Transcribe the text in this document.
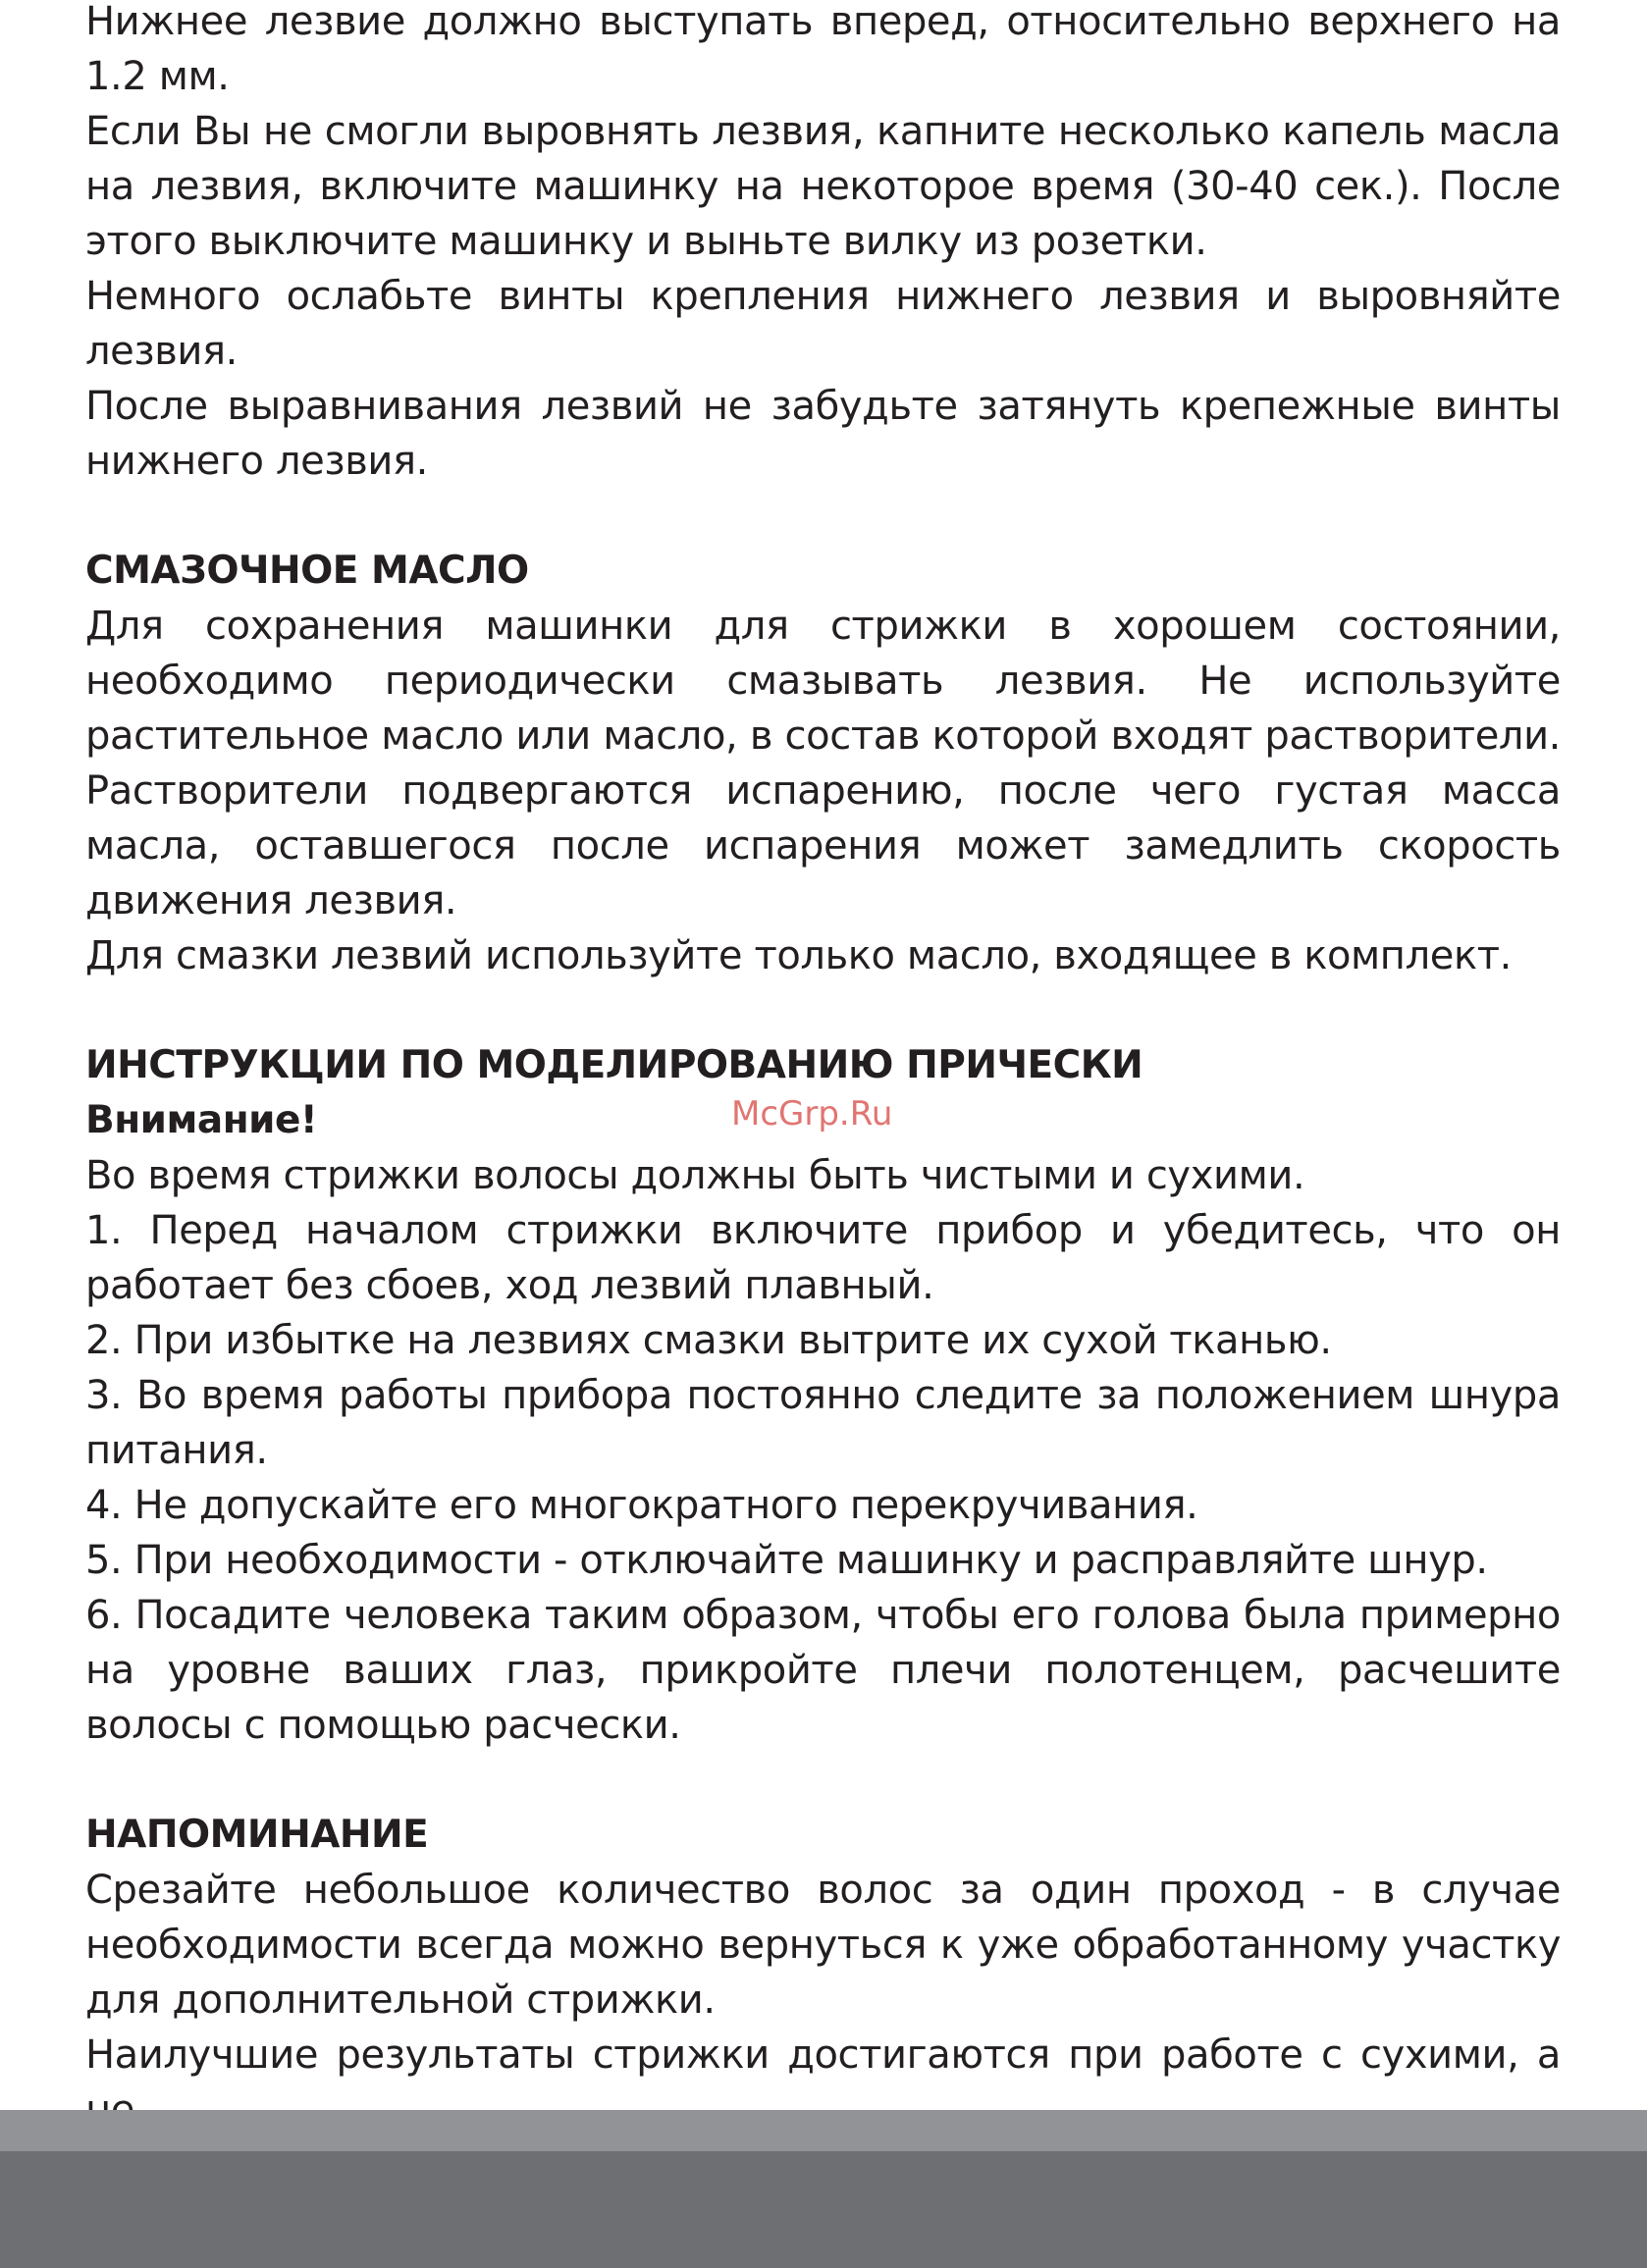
Нижнее лезвие должно выступать вперед, относительно верхнего на 1.2 мм.

Если Вы не смогли выровнять лезвия, капните несколько капель масла на лезвия, включите машинку на некоторое время (30-40 сек.). После этого выключите машинку и выньте вилку из розетки.

Немного ослабьте винты крепления нижнего лезвия и выровняйте лезвия.

После выравнивания лезвий не забудьте затянуть крепежные винты нижнего лезвия.

СМАЗОЧНОЕ МАСЛО

Для сохранения машинки для стрижки в хорошем состоянии, необходимо периодически смазывать лезвия. Не используйте растительное масло или масло, в состав которой входят растворители. Растворители подвергаются испарению, после чего густая масса масла, оставшегося после испарения может замедлить скорость движения лезвия.

Для смазки лезвий используйте только масло, входящее в комплект.

ИНСТРУКЦИИ ПО МОДЕЛИРОВАНИЮ ПРИЧЕСКИ
Внимание!

Во время стрижки волосы должны быть чистыми и сухими.

1. Перед началом стрижки включите прибор и убедитесь, что он работает без сбоев, ход лезвий плавный.

2. При избытке на лезвиях смазки вытрите их сухой тканью.

3. Во время работы прибора постоянно следите за положением шнура питания.

4. Не допускайте его многократного перекручивания.

5. При необходимости - отключайте машинку и расправляйте шнур.

6. Посадите человека таким образом, чтобы его голова была примерно на уровне ваших глаз, прикройте плечи полотенцем, расчешите волосы с помощью расчески.

НАПОМИНАНИЕ

Срезайте небольшое количество волос за один проход - в случае необходимости всегда можно вернуться к уже обработанному участку для дополнительной стрижки.

Наилучшие результаты стрижки достигаются при работе с сухими, а

McGrp.Ru
